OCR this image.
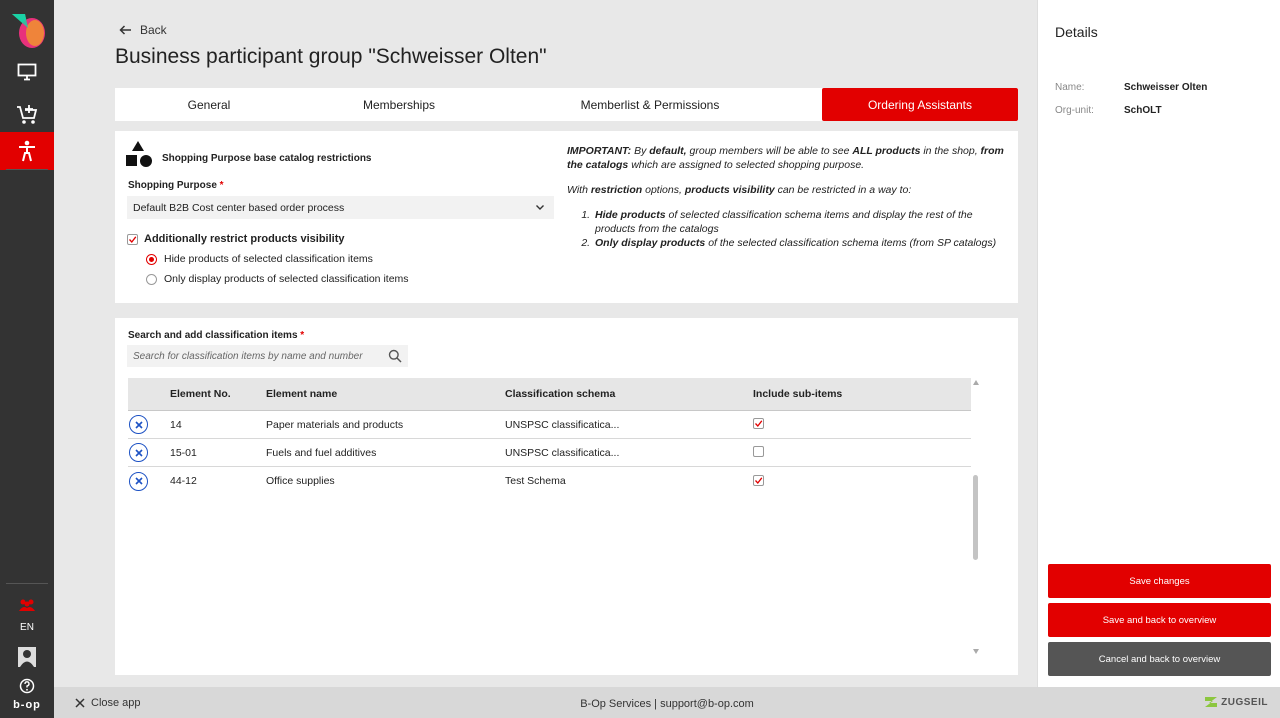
EN
b-op
Back
Business participant group "Schweisser Olten"
General	Memberships	Memberlist & Permissions	Ordering Assistants
Shopping Purpose base catalog restrictions
Shopping Purpose *
Default B2B Cost center based order process
Additionally restrict products visibility
Hide products of selected classification items
Only display products of selected classification items
IMPORTANT: By default, group members will be able to see ALL products in the shop, from the catalogs which are assigned to selected shopping purpose.
With restriction options, products visibility can be restricted in a way to:
1. Hide products of selected classification schema items and display the rest of the products from the catalogs
2. Only display products of the selected classification schema items (from SP catalogs)
Search and add classification items *
Search for classification items by name and number
Element No.	Element name	Classification schema	Include sub-items
14	Paper materials and products	UNSPSC classificatica...
15-01	Fuels and fuel additives	UNSPSC classificatica...
44-12	Office supplies	Test Schema
Details
Name:	Schweisser Olten
Org-unit:	SchOLT
Save changes
Save and back to overview
Cancel and back to overview
B-Op Services | support@b-op.com
Close app	ZUGSEIL
